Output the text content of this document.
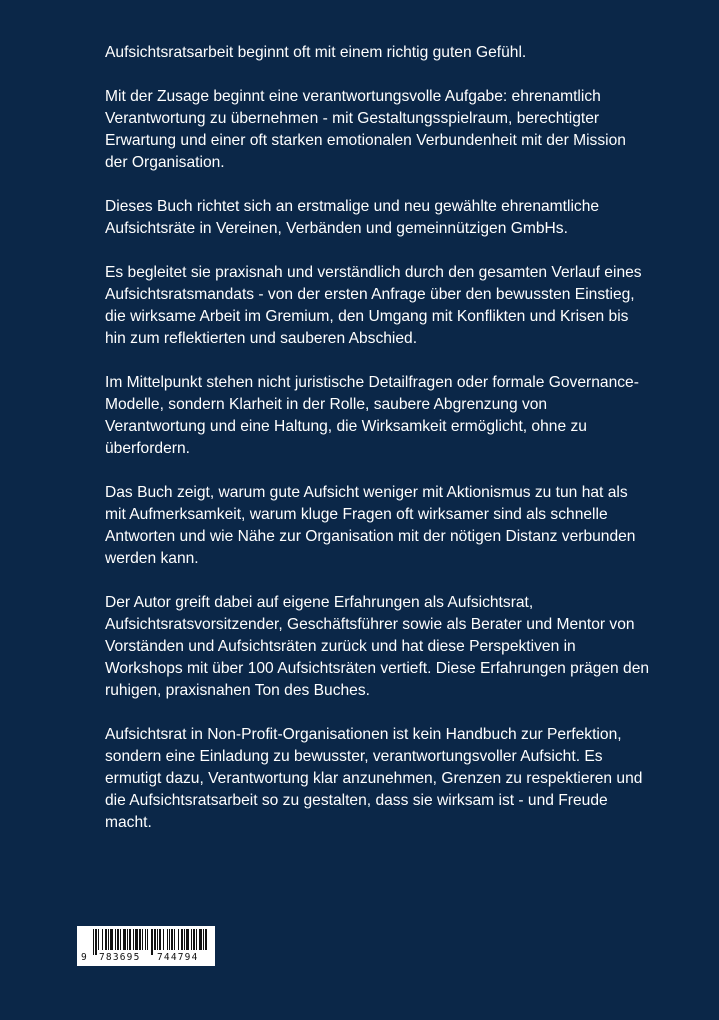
Aufsichtsratsarbeit beginnt oft mit einem richtig guten Gefühl.

Mit der Zusage beginnt eine verantwortungsvolle Aufgabe: ehrenamtlich Verantwortung zu übernehmen - mit Gestaltungsspielraum, berechtigter Erwartung und einer oft starken emotionalen Verbundenheit mit der Mission der Organisation.

Dieses Buch richtet sich an erstmalige und neu gewählte ehrenamtliche Aufsichtsräte in Vereinen, Verbänden und gemeinnützigen GmbHs.

Es begleitet sie praxisnah und verständlich durch den gesamten Verlauf eines Aufsichtsratsmandats - von der ersten Anfrage über den bewussten Einstieg, die wirksame Arbeit im Gremium, den Umgang mit Konflikten und Krisen bis hin zum reflektierten und sauberen Abschied.

Im Mittelpunkt stehen nicht juristische Detailfragen oder formale Governance-Modelle, sondern Klarheit in der Rolle, saubere Abgrenzung von Verantwortung und eine Haltung, die Wirksamkeit ermöglicht, ohne zu überfordern.

Das Buch zeigt, warum gute Aufsicht weniger mit Aktionismus zu tun hat als mit Aufmerksamkeit, warum kluge Fragen oft wirksamer sind als schnelle Antworten und wie Nähe zur Organisation mit der nötigen Distanz verbunden werden kann.

Der Autor greift dabei auf eigene Erfahrungen als Aufsichtsrat, Aufsichtsratsvorsitzender, Geschäftsführer sowie als Berater und Mentor von Vorständen und Aufsichtsräten zurück und hat diese Perspektiven in Workshops mit über 100 Aufsichtsräten vertieft. Diese Erfahrungen prägen den ruhigen, praxisnahen Ton des Buches.

Aufsichtsrat in Non-Profit-Organisationen ist kein Handbuch zur Perfektion, sondern eine Einladung zu bewusster, verantwortungsvoller Aufsicht. Es ermutigt dazu, Verantwortung klar anzunehmen, Grenzen zu respektieren und die Aufsichtsratsarbeit so zu gestalten, dass sie wirksam ist - und Freude macht.

9 783695 744794
